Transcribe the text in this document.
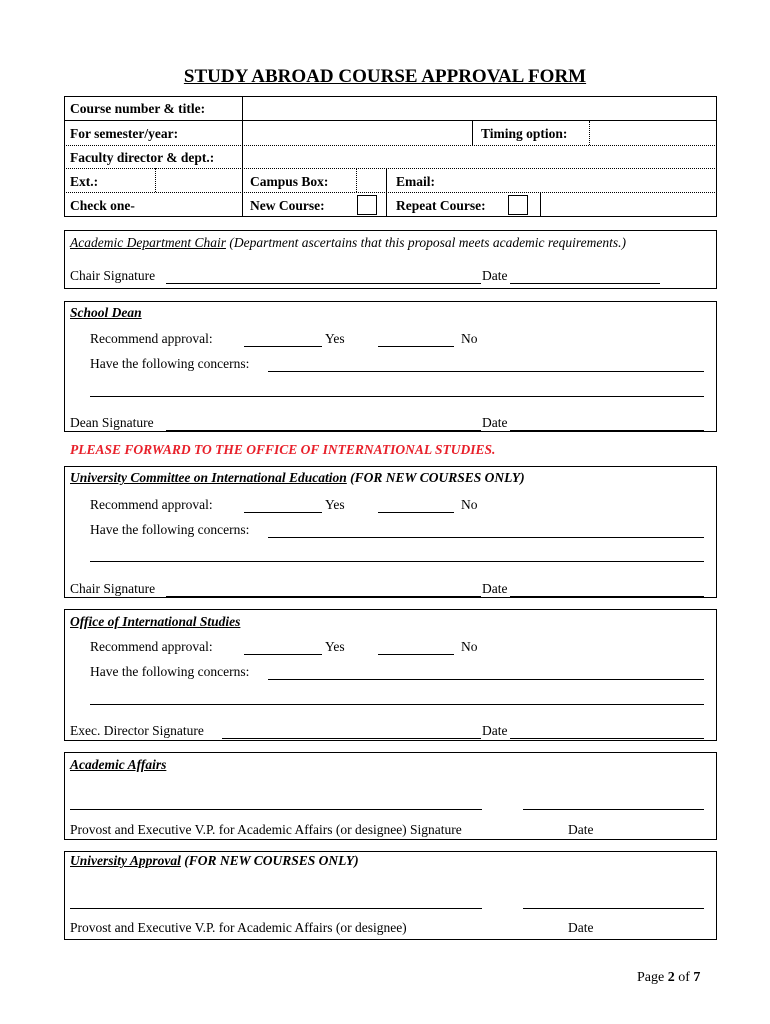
STUDY ABROAD COURSE APPROVAL FORM
Course number & title:
For semester/year:	Timing option:
Faculty director & dept.:
Ext.:	Campus Box:	Email:
Check one-	New Course:	Repeat Course:
Academic Department Chair (Department ascertains that this proposal meets academic requirements.)
Chair Signature	Date
School Dean
Recommend approval:	Yes	No
Have the following concerns:
Dean Signature	Date
PLEASE FORWARD TO THE OFFICE OF INTERNATIONAL STUDIES.
University Committee on International Education (FOR NEW COURSES ONLY)
Recommend approval:	Yes	No
Have the following concerns:
Chair Signature	Date
Office of International Studies
Recommend approval:	Yes	No
Have the following concerns:
Exec. Director Signature	Date
Academic Affairs
Provost and Executive V.P. for Academic Affairs (or designee) Signature	Date
University Approval (FOR NEW COURSES ONLY)
Provost and Executive V.P. for Academic Affairs (or designee)	Date
Page 2 of 7
